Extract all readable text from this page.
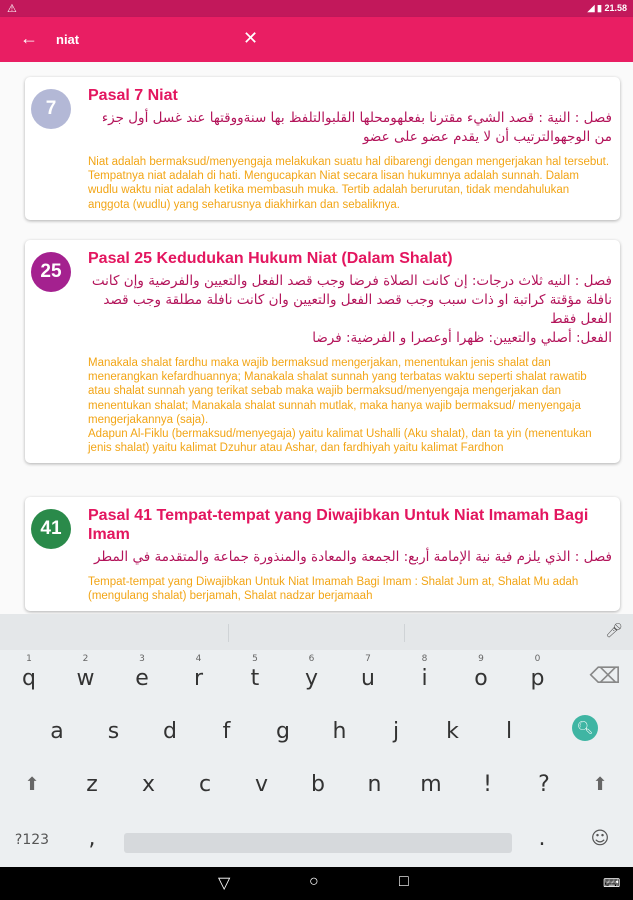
⚠	◢ ▮ 21.58
← niat	✕
7
Pasal 7 Niat
فصل : النية : قصد الشيء مقترنا بفعلهومحلها القلبوالتلفظ بها سنةووقتها عند غسل أول جزء من الوجهوالترتيب أن لا يقدم عضو على عضو
Niat adalah bermaksud/menyengaja melakukan suatu hal dibarengi dengan mengerjakan hal tersebut. Tempatnya niat adalah di hati. Mengucapkan Niat secara lisan hukumnya adalah sunnah. Dalam wudlu waktu niat adalah ketika membasuh muka. Tertib adalah berurutan, tidak mendahulukan anggota (wudlu) yang seharusnya diakhirkan dan sebaliknya.
25
Pasal 25 Kedudukan Hukum Niat (Dalam Shalat)
فصل : النيه ثلاث درجات: إن كانت الصلاة فرضا وجب قصد الفعل والتعيين والفرضية وإن كانت نافلة مؤقتة كراتبة او ذات سبب وجب قصد الفعل والتعيين وان كانت نافلة مطلقة وجب قصد الفعل فقط
الفعل: أصلي والتعيين: ظهرا أوعصرا و الفرضية: فرضا
Manakala shalat fardhu maka wajib bermaksud mengerjakan, menentukan jenis shalat dan menerangkan kefardhuannya; Manakala shalat sunnah yang terbatas waktu seperti shalat rawatib atau shalat sunnah yang terikat sebab maka wajib bermaksud/menyengaja mengerjakan dan menentukan shalat; Manakala shalat sunnah mutlak, maka hanya wajib bermaksud/ menyengaja mengerjakannya (saja).
Adapun Al-Fiklu (bermaksud/menyegaja) yaitu kalimat Ushalli (Aku shalat), dan ta yin (menentukan jenis shalat) yaitu kalimat Dzuhur atau Ashar, dan fardhiyah yaitu kalimat Fardhon
41
Pasal 41 Tempat-tempat yang Diwajibkan Untuk Niat Imamah Bagi Imam
فصل : الذي يلزم فية نية الإمامة أربع: الجمعة والمعادة والمنذورة جماعة والمتقدمة في المطر
Tempat-tempat yang Diwajibkan Untuk Niat Imamah Bagi Imam : Shalat Jum at, Shalat Mu adah (mengulang shalat) berjamah, Shalat nadzar berjamaah
🎤︎
🔍︎
1
q
2
w
3
e
4
r
5
t
6
y
7
u
8
i
9
o
0
p	⌫
a	s	d	f	g	h	j	k	l
⬆	z	x	c	v	b	n	m	!	?	⬆
?123	,	.	☺
▽	○	□	⌨
